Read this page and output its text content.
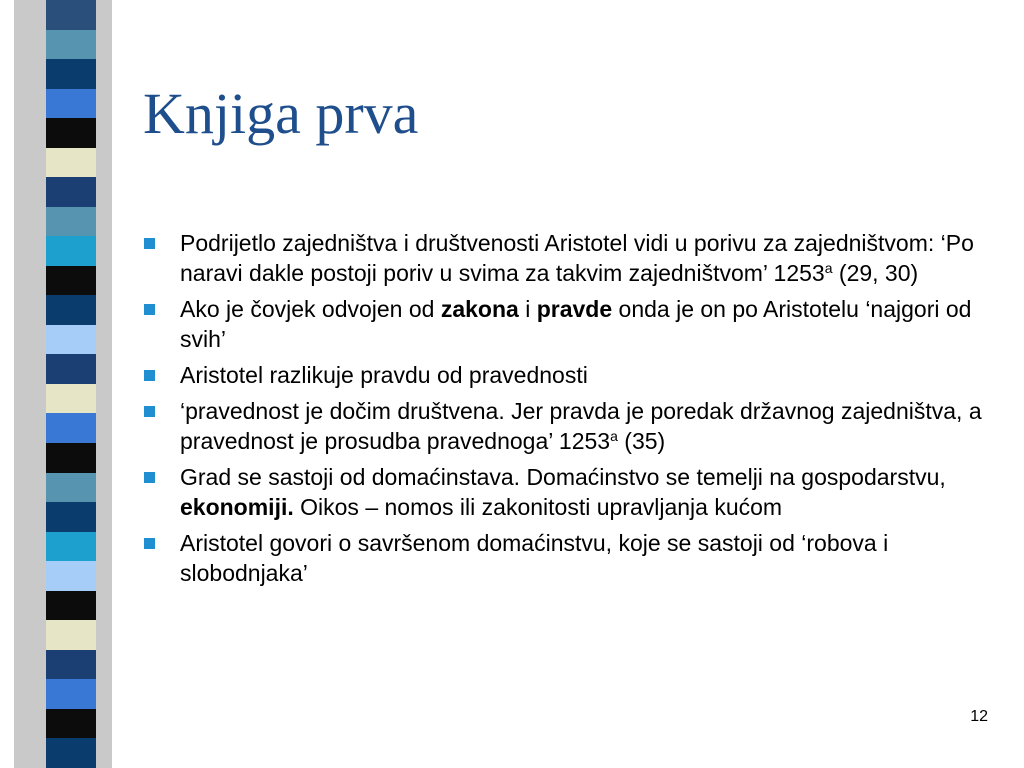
Knjiga prva
Podrijetlo zajedništva i društvenosti Aristotel vidi u porivu za zajedništvom: ‘Po naravi dakle postoji poriv u svima za takvim zajedništvom’ 1253$^a$ (29, 30)
Ako je čovjek odvojen od zakona i pravde onda je on po Aristotelu ‘najgori od svih’
Aristotel razlikuje pravdu od pravednosti
‘pravednost je dočim društvena. Jer pravda je poredak državnog zajedništva, a pravednost je prosudba pravednoga’ 1253$^a$ (35)
Grad se sastoji od domaćinstava. Domaćinstvo se temelji na gospodarstvu, ekonomiji. Oikos – nomos ili zakonitosti upravljanja kućom
Aristotel govori o savršenom domaćinstvu, koje se sastoji od ‘robova i slobodnjaka’
12
